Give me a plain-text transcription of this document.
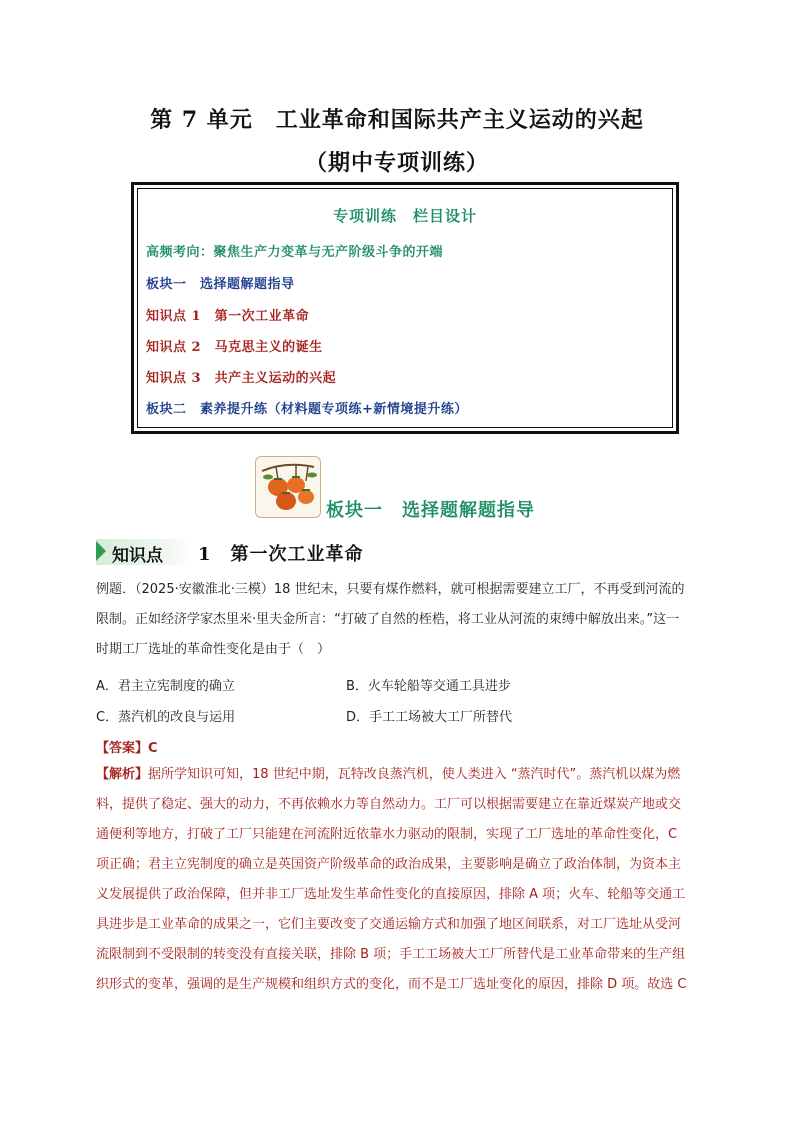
第 7 单元　工业革命和国际共产主义运动的兴起
（期中专项训练）
专项训练　栏目设计
高频考向：聚焦生产力变革与无产阶级斗争的开端
板块一　选择题解题指导
知识点 1　第一次工业革命
知识点 2　马克思主义的诞生
知识点 3　共产主义运动的兴起
板块二　素养提升练（材料题专项练+新情境提升练）
板块一　选择题解题指导
知识点 1　第一次工业革命
例题．（2025·安徽淮北·三模）18 世纪末，只要有煤作燃料，就可根据需要建立工厂，不再受到河流的
限制。正如经济学家杰里米·里夫金所言：“打破了自然的桎梏，将工业从河流的束缚中解放出来。”这一
时期工厂选址的革命性变化是由于（　）
A．君主立宪制度的确立	B．火车轮船等交通工具进步
C．蒸汽机的改良与运用	D．手工工场被大工厂所替代
【答案】C
【解析】据所学知识可知，18 世纪中期，瓦特改良蒸汽机，使人类进入 “蒸汽时代”。蒸汽机以煤为燃
料，提供了稳定、强大的动力，不再依赖水力等自然动力。工厂可以根据需要建立在靠近煤炭产地或交
通便利等地方，打破了工厂只能建在河流附近依靠水力驱动的限制，实现了工厂选址的革命性变化，C
项正确；君主立宪制度的确立是英国资产阶级革命的政治成果，主要影响是确立了政治体制，为资本主
义发展提供了政治保障，但并非工厂选址发生革命性变化的直接原因，排除 A 项；火车、轮船等交通工
具进步是工业革命的成果之一，它们主要改变了交通运输方式和加强了地区间联系，对工厂选址从受河
流限制到不受限制的转变没有直接关联，排除 B 项；手工工场被大工厂所替代是工业革命带来的生产组
织形式的变革，强调的是生产规模和组织方式的变化，而不是工厂选址变化的原因，排除 D 项。故选 C
